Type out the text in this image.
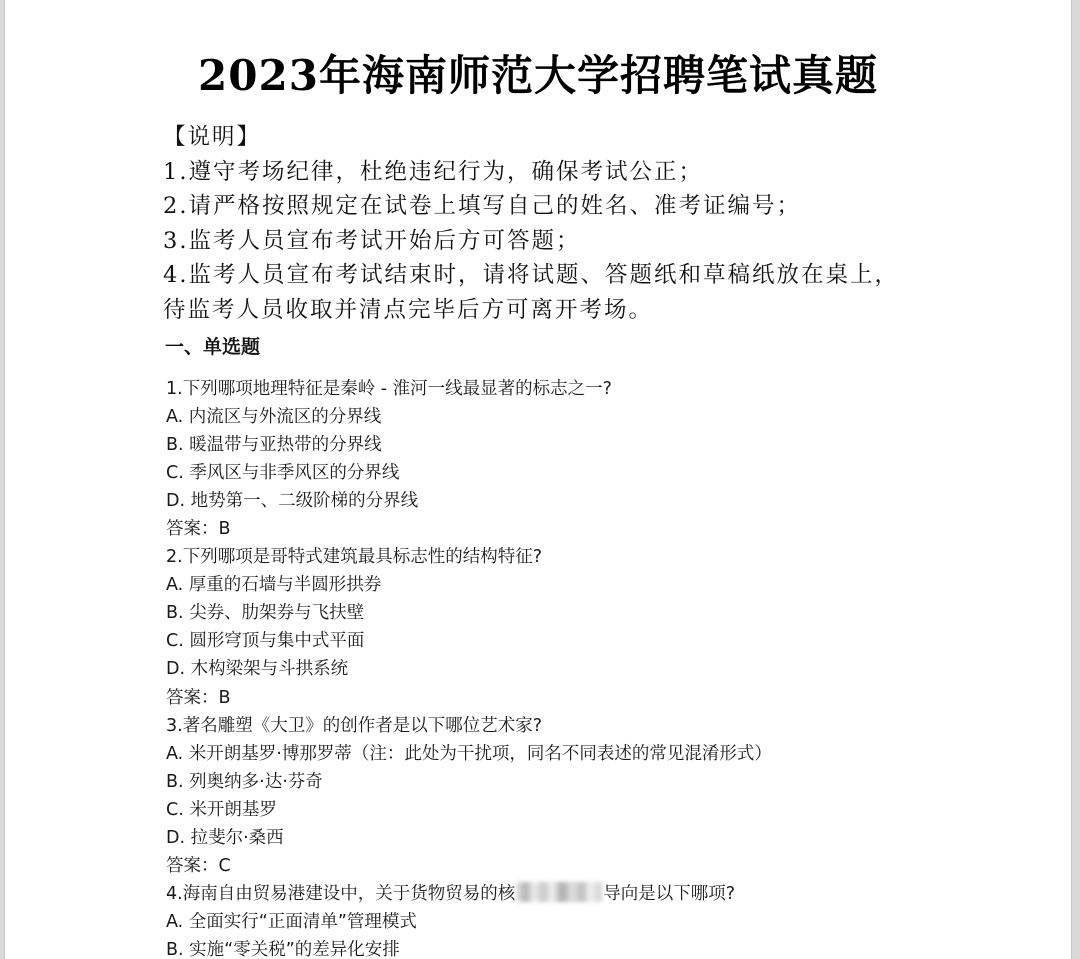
2023年海南师范大学招聘笔试真题
【说明】
1.遵守考场纪律，杜绝违纪行为，确保考试公正；
2.请严格按照规定在试卷上填写自己的姓名、准考证编号；
3.监考人员宣布考试开始后方可答题；
4.监考人员宣布考试结束时，请将试题、答题纸和草稿纸放在桌上，
待监考人员收取并清点完毕后方可离开考场。
一、单选题
1.下列哪项地理特征是秦岭 - 淮河一线最显著的标志之一?
A. 内流区与外流区的分界线
B. 暖温带与亚热带的分界线
C. 季风区与非季风区的分界线
D. 地势第一、二级阶梯的分界线
答案：B
2.下列哪项是哥特式建筑最具标志性的结构特征?
A. 厚重的石墙与半圆形拱券
B. 尖券、肋架券与飞扶壁
C. 圆形穹顶与集中式平面
D. 木构梁架与斗拱系统
答案：B
3.著名雕塑《大卫》的创作者是以下哪位艺术家?
A. 米开朗基罗·博那罗蒂（注：此处为干扰项，同名不同表述的常见混淆形式）
B. 列奥纳多·达·芬奇
C. 米开朗基罗
D. 拉斐尔·桑西
答案：C
4.海南自由贸易港建设中，关于货物贸易的核	导向是以下哪项?
A. 全面实行“正面清单”管理模式
B. 实施“零关税”的差异化安排
